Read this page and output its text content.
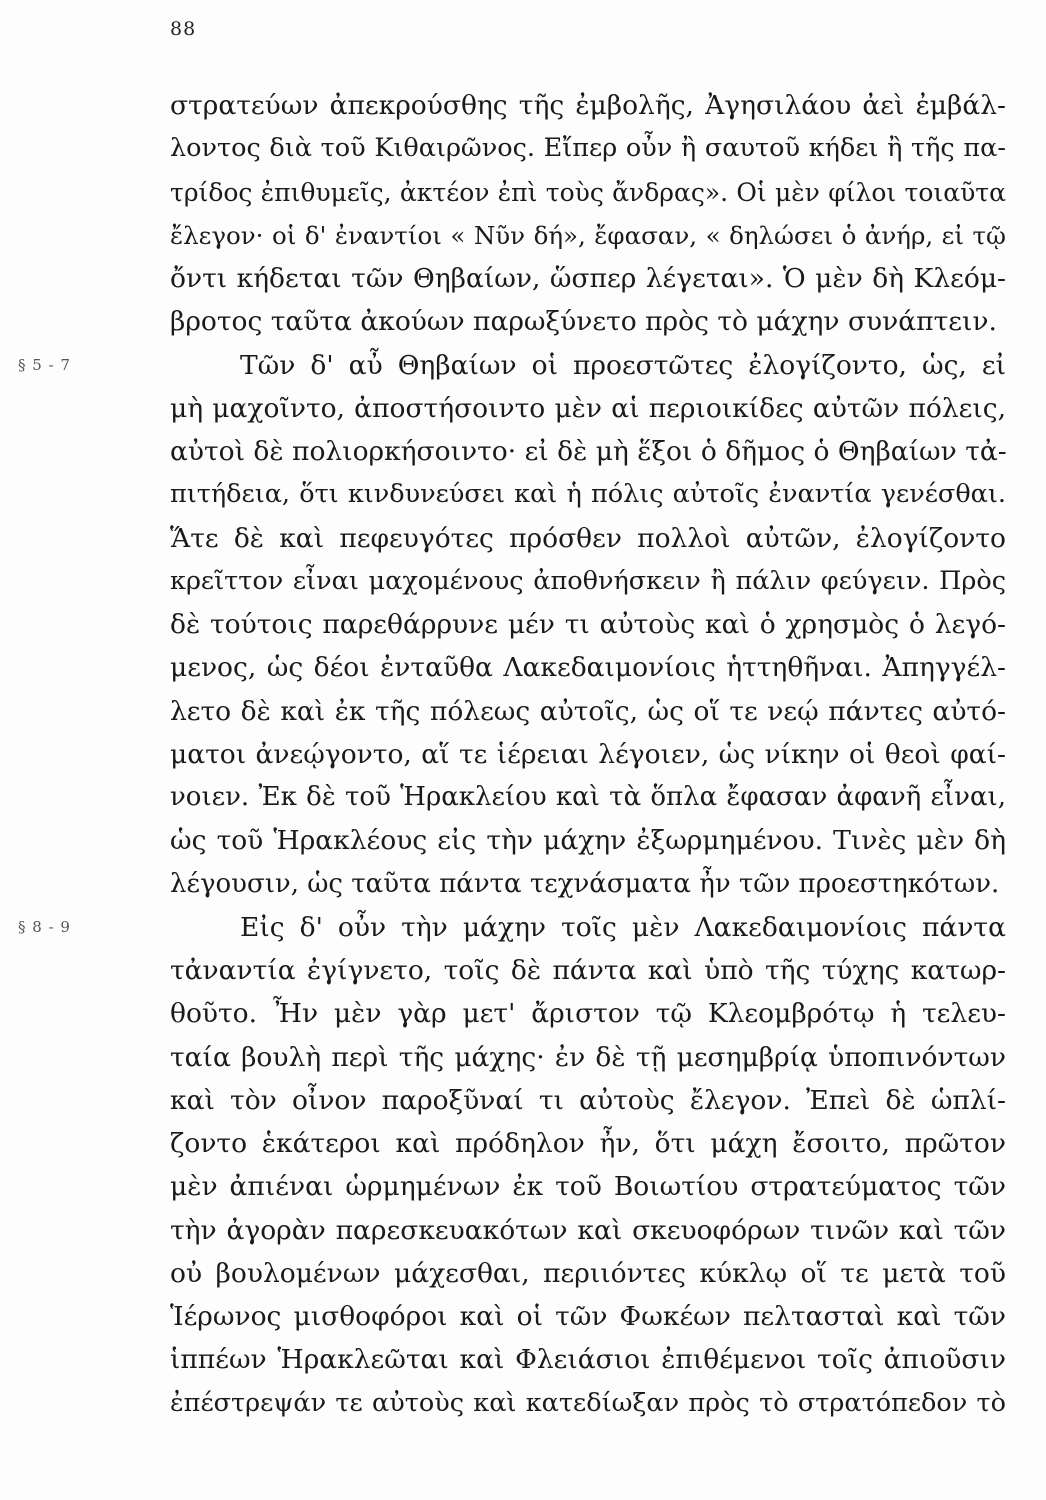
88
στρατεύων ἀπεκρούσθης τῆς ἐμβολῆς, Ἀγησιλάου ἀεὶ ἐμβάλ-
λοντος διὰ τοῦ Κιθαιρῶνος. Εἴπερ οὖν ἢ σαυτοῦ κήδει ἢ τῆς πα-
τρίδος ἐπιθυμεῖς, ἀκτέον ἐπὶ τοὺς ἄνδρας». Οἱ μὲν φίλοι τοιαῦτα
ἔλεγον· οἱ δ' ἐναντίοι « Νῦν δή», ἔφασαν, « δηλώσει ὁ ἀνήρ, εἰ τῷ
ὄντι κήδεται τῶν Θηβαίων, ὥσπερ λέγεται». Ὁ μὲν δὴ Κλεόμ-
βροτος ταῦτα ἀκούων παρωξύνετο πρὸς τὸ μάχην συνάπτειν.
§ 5 - 7	Τῶν δ' αὖ Θηβαίων οἱ προεστῶτες ἐλογίζοντο, ὡς, εἰ
μὴ μαχοῖντο, ἀποστήσοιντο μὲν αἱ περιοικίδες αὐτῶν πόλεις,
αὐτοὶ δὲ πολιορκήσοιντο· εἰ δὲ μὴ ἕξοι ὁ δῆμος ὁ Θηβαίων τἀ-
πιτήδεια, ὅτι κινδυνεύσει καὶ ἡ πόλις αὐτοῖς ἐναντία γενέσθαι.
Ἅτε δὲ καὶ πεφευγότες πρόσθεν πολλοὶ αὐτῶν, ἐλογίζοντο
κρεῖττον εἶναι μαχομένους ἀποθνήσκειν ἢ πάλιν φεύγειν. Πρὸς
δὲ τούτοις παρεθάρρυνε μέν τι αὐτοὺς καὶ ὁ χρησμὸς ὁ λεγό-
μενος, ὡς δέοι ἐνταῦθα Λακεδαιμονίοις ἡττηθῆναι. Ἀπηγγέλ-
λετο δὲ καὶ ἐκ τῆς πόλεως αὐτοῖς, ὡς οἵ τε νεῴ πάντες αὐτό-
ματοι ἀνεῴγοντο, αἵ τε ἱέρειαι λέγοιεν, ὡς νίκην οἱ θεοὶ φαί-
νοιεν. Ἐκ δὲ τοῦ Ἡρακλείου καὶ τὰ ὅπλα ἔφασαν ἀφανῆ εἶναι,
ὡς τοῦ Ἡρακλέους εἰς τὴν μάχην ἐξωρμημένου. Τινὲς μὲν δὴ
λέγουσιν, ὡς ταῦτα πάντα τεχνάσματα ἦν τῶν προεστηκότων.
§ 8 - 9	Εἰς δ' οὖν τὴν μάχην τοῖς μὲν Λακεδαιμονίοις πάντα
τἀναντία ἐγίγνετο, τοῖς δὲ πάντα καὶ ὑπὸ τῆς τύχης κατωρ-
θοῦτο. Ἦν μὲν γὰρ μετ' ἄριστον τῷ Κλεομβρότῳ ἡ τελευ-
ταία βουλὴ περὶ τῆς μάχης· ἐν δὲ τῇ μεσημβρίᾳ ὑποπινόντων
καὶ τὸν οἶνον παροξῦναί τι αὐτοὺς ἔλεγον. Ἐπεὶ δὲ ὡπλί-
ζοντο ἑκάτεροι καὶ πρόδηλον ἦν, ὅτι μάχη ἔσοιτο, πρῶτον
μὲν ἀπιέναι ὡρμημένων ἐκ τοῦ Βοιωτίου στρατεύματος τῶν
τὴν ἀγορὰν παρεσκευακότων καὶ σκευοφόρων τινῶν καὶ τῶν
οὐ βουλομένων μάχεσθαι, περιιόντες κύκλῳ οἵ τε μετὰ τοῦ
Ἱέρωνος μισθοφόροι καὶ οἱ τῶν Φωκέων πελτασταὶ καὶ τῶν
ἱππέων Ἡρακλεῶται καὶ Φλειάσιοι ἐπιθέμενοι τοῖς ἀπιοῦσιν
ἐπέστρεψάν τε αὐτοὺς καὶ κατεδίωξαν πρὸς τὸ στρατόπεδον τὸ
